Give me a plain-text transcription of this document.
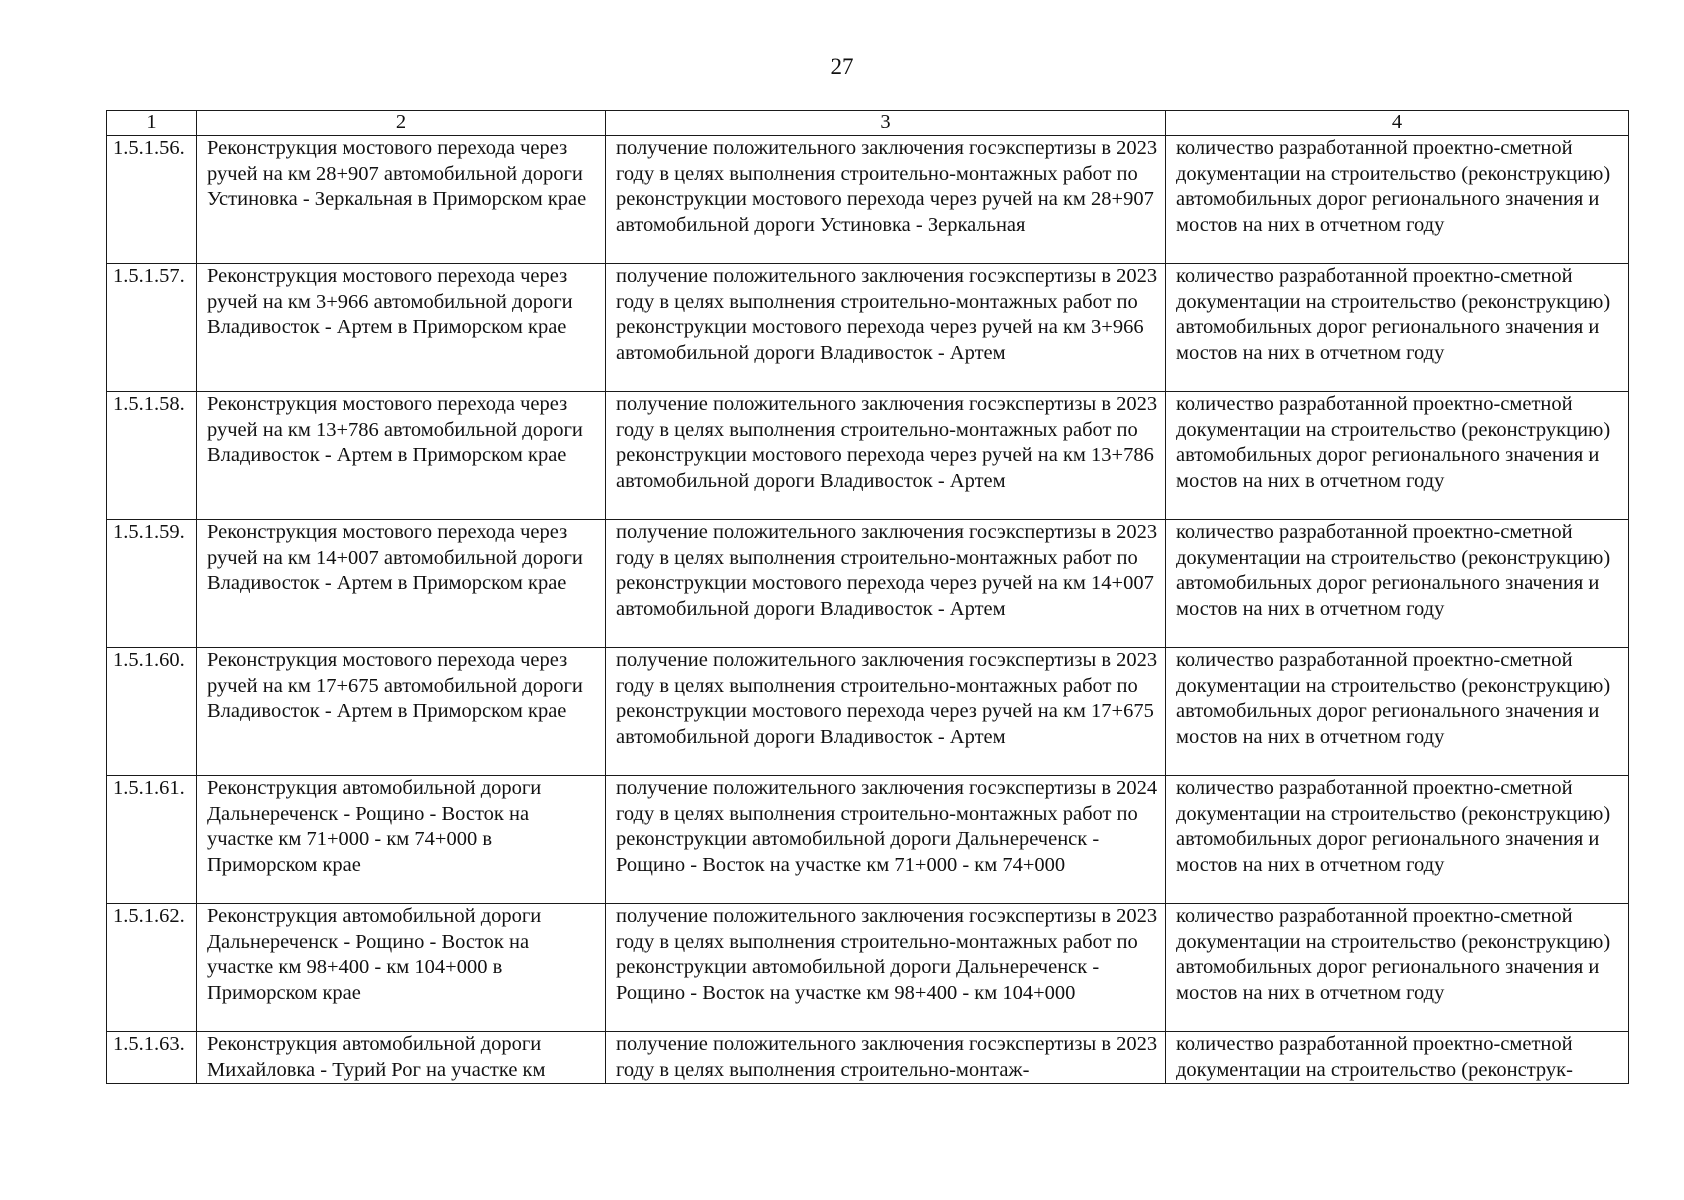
27
1	2	3	4
1.5.1.56.	Реконструкция мостового перехода через ручей на км 28+907 автомобильной дороги Устиновка - Зеркальная в Приморском крае	получение положительного заключения госэкспертизы в 2023 году в целях выполнения строительно-монтажных работ по реконструкции мостового перехода через ручей на км 28+907 автомобильной дороги Устиновка - Зеркальная	количество разработанной проектно-сметной документации на строительство (реконструкцию) автомобильных дорог регионального значения и мостов на них в отчетном году
1.5.1.57.	Реконструкция мостового перехода через ручей на км 3+966 автомобильной дороги Владивосток - Артем в Приморском крае	получение положительного заключения госэкспертизы в 2023 году в целях выполнения строительно-монтажных работ по реконструкции мостового перехода через ручей на км 3+966 автомобильной дороги Владивосток - Артем	количество разработанной проектно-сметной документации на строительство (реконструкцию) автомобильных дорог регионального значения и мостов на них в отчетном году
1.5.1.58.	Реконструкция мостового перехода через ручей на км 13+786 автомобильной дороги Владивосток - Артем в Приморском крае	получение положительного заключения госэкспертизы в 2023 году в целях выполнения строительно-монтажных работ по реконструкции мостового перехода через ручей на км 13+786 автомобильной дороги Владивосток - Артем	количество разработанной проектно-сметной документации на строительство (реконструкцию) автомобильных дорог регионального значения и мостов на них в отчетном году
1.5.1.59.	Реконструкция мостового перехода через ручей на км 14+007 автомобильной дороги Владивосток - Артем в Приморском крае	получение положительного заключения госэкспертизы в 2023 году в целях выполнения строительно-монтажных работ по реконструкции мостового перехода через ручей на км 14+007 автомобильной дороги Владивосток - Артем	количество разработанной проектно-сметной документации на строительство (реконструкцию) автомобильных дорог регионального значения и мостов на них в отчетном году
1.5.1.60.	Реконструкция мостового перехода через ручей на км 17+675 автомобильной дороги Владивосток - Артем в Приморском крае	получение положительного заключения госэкспертизы в 2023 году в целях выполнения строительно-монтажных работ по реконструкции мостового перехода через ручей на км 17+675 автомобильной дороги Владивосток - Артем	количество разработанной проектно-сметной документации на строительство (реконструкцию) автомобильных дорог регионального значения и мостов на них в отчетном году
1.5.1.61.	Реконструкция автомобильной дороги Дальнереченск - Рощино - Восток на участке км 71+000 - км 74+000 в Приморском крае	получение положительного заключения госэкспертизы в 2024 году в целях выполнения строительно-монтажных работ по реконструкции автомобильной дороги Дальнереченск - Рощино - Восток на участке км 71+000 - км 74+000	количество разработанной проектно-сметной документации на строительство (реконструкцию) автомобильных дорог регионального значения и мостов на них в отчетном году
1.5.1.62.	Реконструкция автомобильной дороги Дальнереченск - Рощино - Восток на участке км 98+400 - км 104+000 в Приморском крае	получение положительного заключения госэкспертизы в 2023 году в целях выполнения строительно-монтажных работ по реконструкции автомобильной дороги Дальнереченск - Рощино - Восток на участке км 98+400 - км 104+000	количество разработанной проектно-сметной документации на строительство (реконструкцию) автомобильных дорог регионального значения и мостов на них в отчетном году
1.5.1.63.	Реконструкция автомобильной дороги Михайловка - Турий Рог на участке км	получение положительного заключения госэкспертизы в 2023 году в целях выполнения строительно-монтаж-	количество разработанной проектно-сметной документации на строительство (реконструк-
